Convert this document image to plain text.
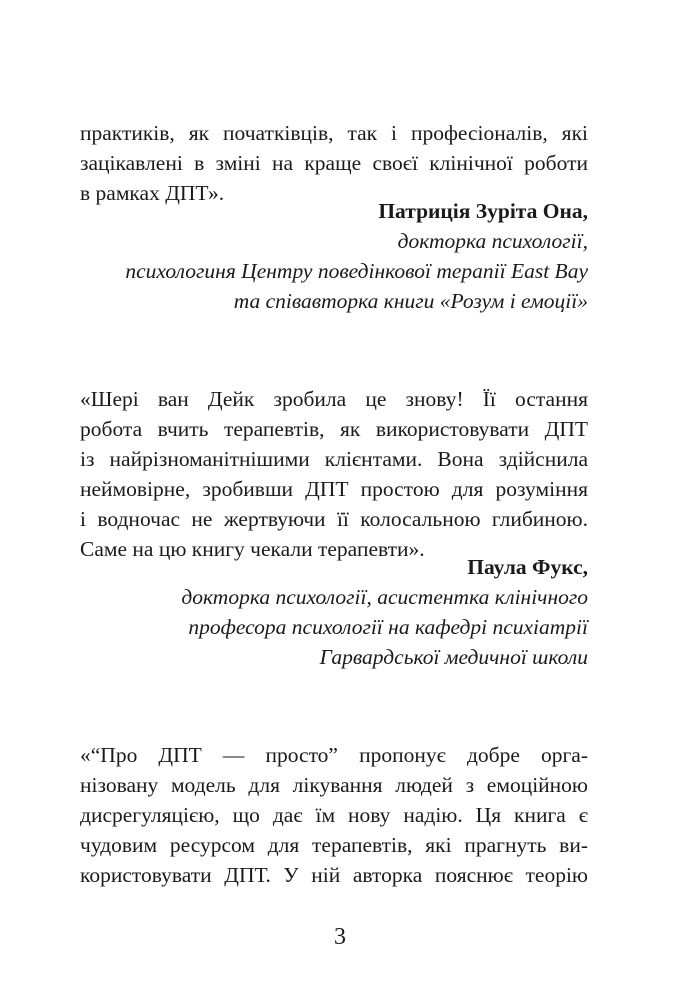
практиків, як початківців, так і професіоналів, які
зацікавлені в зміні на краще своєї клінічної роботи
в рамках ДПТ».
Патриція Зуріта Она,
докторка психології,
психологиня Центру поведінкової терапії East Bay
та співавторка книги «Розум і емоції»
«Шері ван Дейк зробила це знову! Її остання
робота вчить терапевтів, як використовувати ДПТ
із найрізноманітнішими клієнтами. Вона здійснила
неймовірне, зробивши ДПТ простою для розуміння
і водночас не жертвуючи її колосальною глибиною.
Саме на цю книгу чекали терапевти».
Паула Фукс,
докторка психології, асистентка клінічного
професора психології на кафедрі психіатрії
Гарвардської медичної школи
«“Про ДПТ — просто” пропонує добре орга-
нізовану модель для лікування людей з емоційною
дисрегуляцією, що дає їм нову надію. Ця книга є
чудовим ресурсом для терапевтів, які прагнуть ви-
користовувати ДПТ. У ній авторка пояснює теорію
3
